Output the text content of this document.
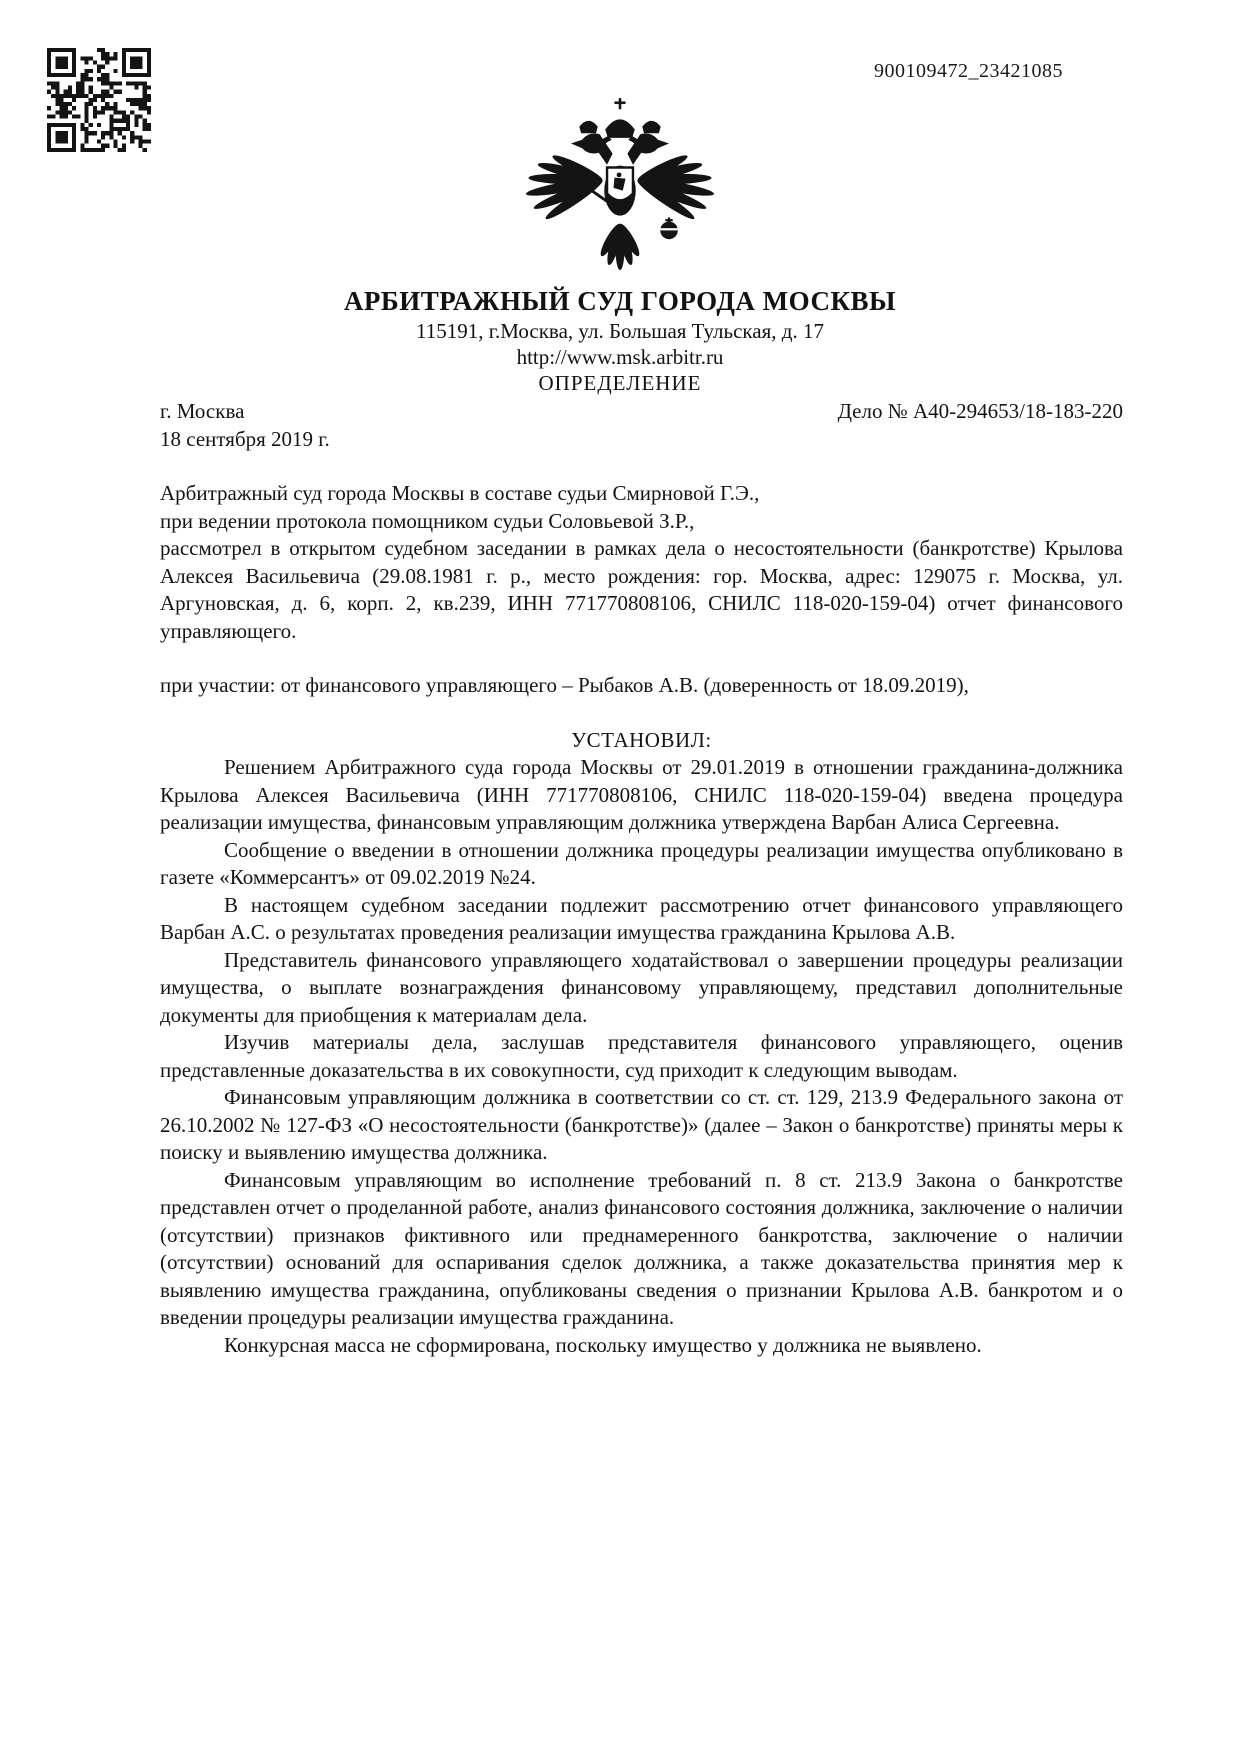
900109472_23421085
АРБИТРАЖНЫЙ СУД ГОРОДА МОСКВЫ
115191, г.Москва, ул. Большая Тульская, д. 17
http://www.msk.arbitr.ru
ОПРЕДЕЛЕНИЕ
г. Москва	Дело № А40-294653/18-183-220
18 сентября 2019 г.

Арбитражный суд города Москвы в составе судьи Смирновой Г.Э.,

при ведении протокола помощником судьи Соловьевой З.Р.,

рассмотрел в открытом судебном заседании в рамках дела о несостоятельности (банкротстве) Крылова Алексея Васильевича (29.08.1981 г. р., место рождения: гор. Москва, адрес: 129075 г. Москва, ул. Аргуновская, д. 6, корп. 2, кв.239, ИНН 771770808106, СНИЛС 118-020-159-04) отчет финансового управляющего.

при участии: от финансового управляющего – Рыбаков А.В. (доверенность от 18.09.2019),

УСТАНОВИЛ:

Решением Арбитражного суда города Москвы от 29.01.2019 в отношении гражданина-должника Крылова Алексея Васильевича (ИНН 771770808106, СНИЛС 118-020-159-04) введена процедура реализации имущества, финансовым управляющим должника утверждена Варбан Алиса Сергеевна.

Сообщение о введении в отношении должника процедуры реализации имущества опубликовано в газете «Коммерсантъ» от 09.02.2019 №24.

В настоящем судебном заседании подлежит рассмотрению отчет финансового управляющего Варбан А.С. о результатах проведения реализации имущества гражданина Крылова А.В.

Представитель финансового управляющего ходатайствовал о завершении процедуры реализации имущества, о выплате вознаграждения финансовому управляющему, представил дополнительные документы для приобщения к материалам дела.

Изучив материалы дела, заслушав представителя финансового управляющего, оценив представленные доказательства в их совокупности, суд приходит к следующим выводам.

Финансовым управляющим должника в соответствии со ст. ст. 129, 213.9 Федерального закона от 26.10.2002 № 127-ФЗ «О несостоятельности (банкротстве)» (далее – Закон о банкротстве) приняты меры к поиску и выявлению имущества должника.

Финансовым управляющим во исполнение требований п. 8 ст. 213.9 Закона о банкротстве представлен отчет о проделанной работе, анализ финансового состояния должника, заключение о наличии (отсутствии) признаков фиктивного или преднамеренного банкротства, заключение о наличии (отсутствии) оснований для оспаривания сделок должника, а также доказательства принятия мер к выявлению имущества гражданина, опубликованы сведения о признании Крылова А.В. банкротом и о введении процедуры реализации имущества гражданина.

Конкурсная масса не сформирована, поскольку имущество у должника не выявлено.
